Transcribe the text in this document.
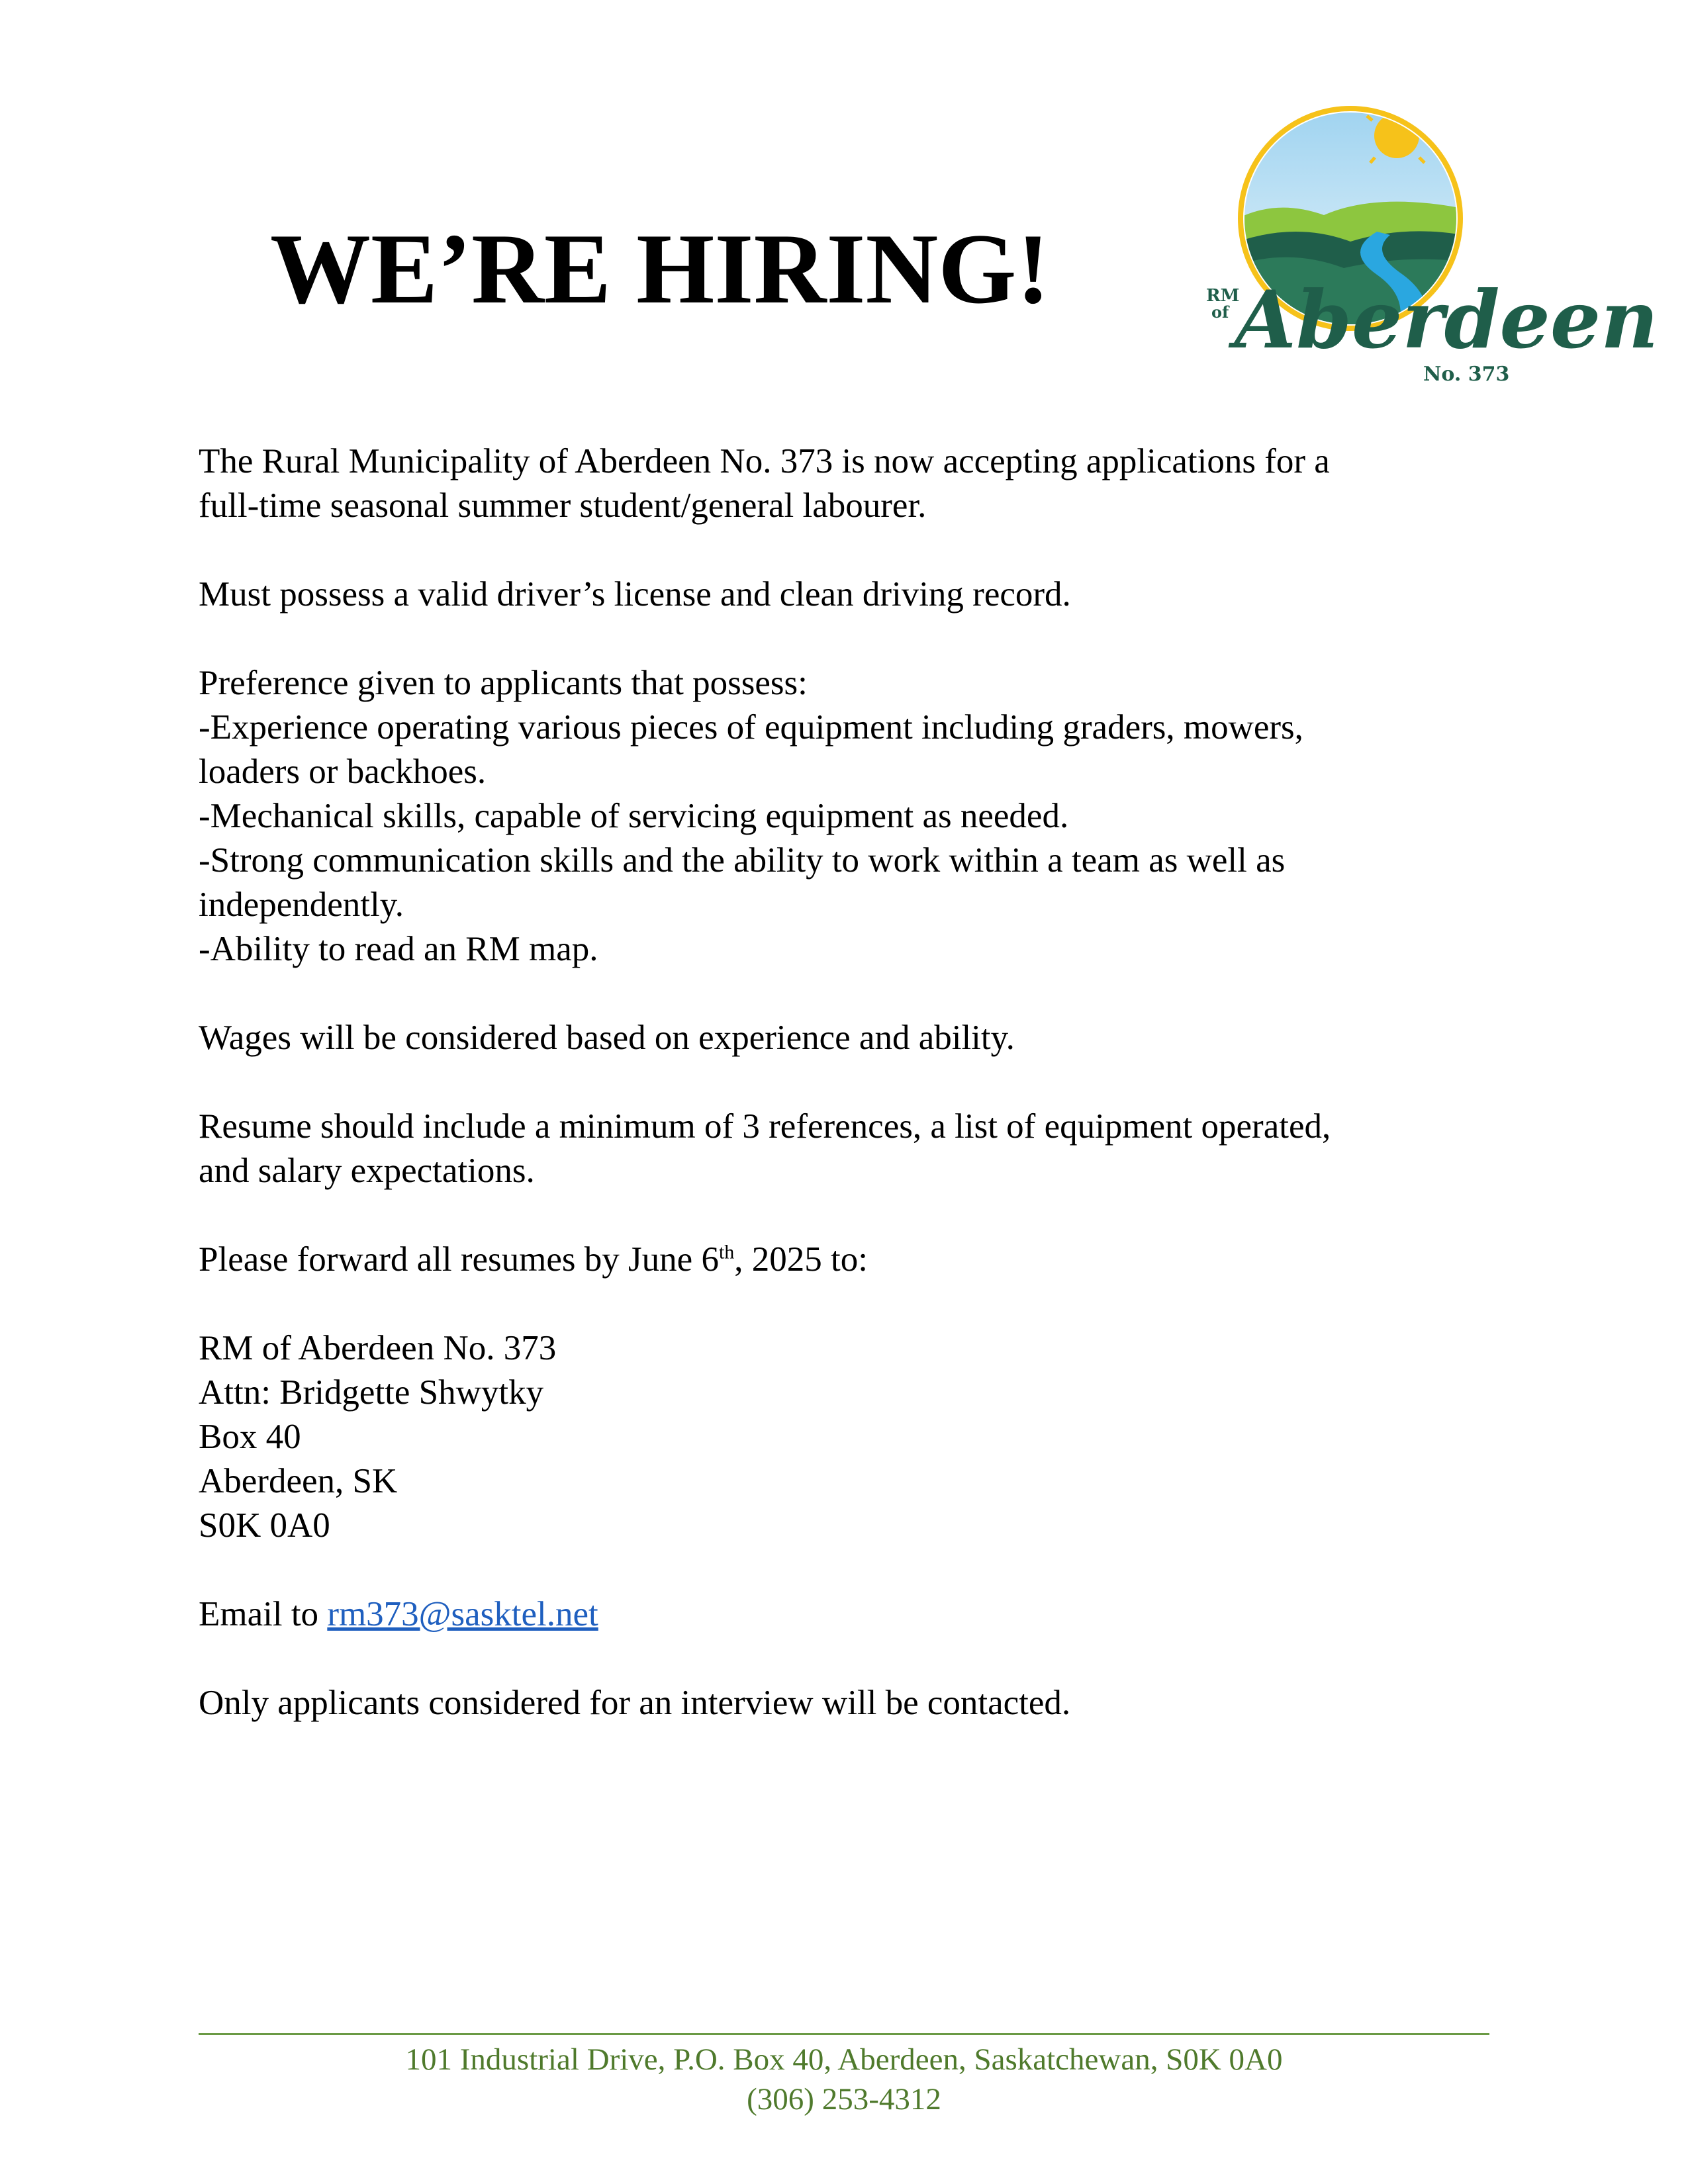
WE’RE HIRING!	RM
of Aberdeen
No. 373

The Rural Municipality of Aberdeen No. 373 is now accepting applications for a

full-time seasonal summer student/general labourer.

Must possess a valid driver’s license and clean driving record.

Preference given to applicants that possess:

-Experience operating various pieces of equipment including graders, mowers,

loaders or backhoes.

-Mechanical skills, capable of servicing equipment as needed.

-Strong communication skills and the ability to work within a team as well as

independently.

-Ability to read an RM map.

Wages will be considered based on experience and ability.

Resume should include a minimum of 3 references, a list of equipment operated,

and salary expectations.

Please forward all resumes by June 6th, 2025 to:

RM of Aberdeen No. 373

Attn: Bridgette Shwytky

Box 40

Aberdeen, SK

S0K 0A0

Email to rm373@sasktel.net

Only applicants considered for an interview will be contacted.

101 Industrial Drive, P.O. Box 40, Aberdeen, Saskatchewan, S0K 0A0
(306) 253-4312
